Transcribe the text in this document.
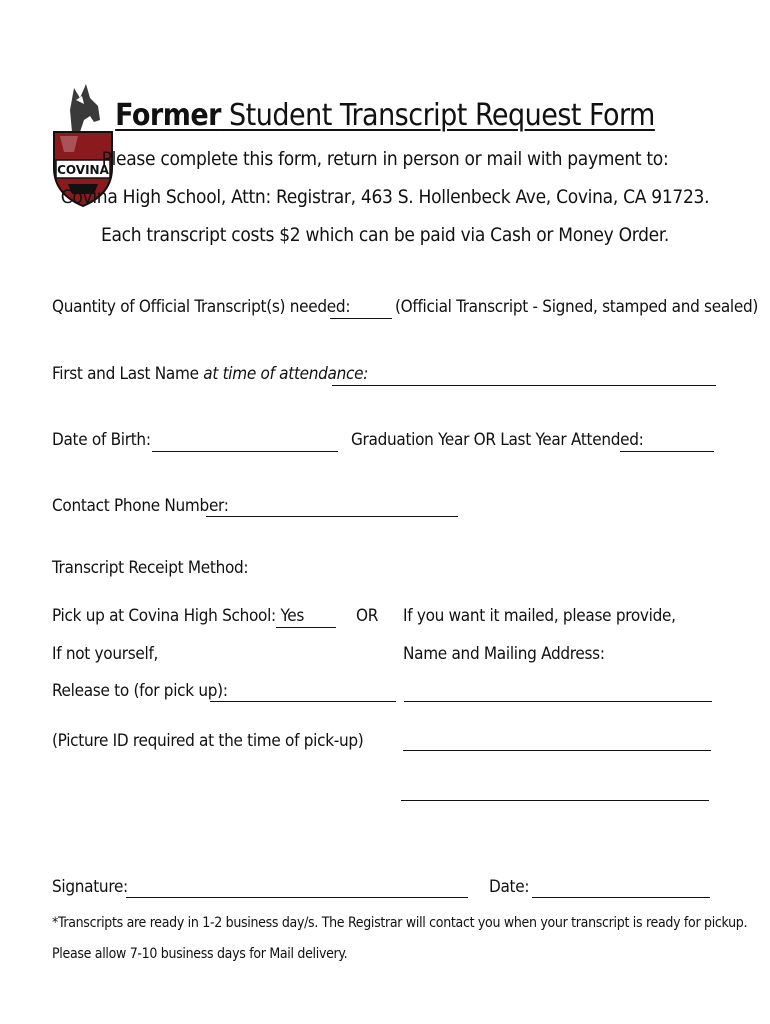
COVINA
Former Student Transcript Request Form
Please complete this form, return in person or mail with payment to:
Covina High School, Attn: Registrar, 463 S. Hollenbeck Ave, Covina, CA 91723.
Each transcript costs $2 which can be paid via Cash or Money Order.
Quantity of Official Transcript(s) needed:	(Official Transcript - Signed, stamped and sealed)
First and Last Name at time of attendance:
Date of Birth:	Graduation Year OR Last Year Attended:
Contact Phone Number:
Transcript Receipt Method:
Pick up at Covina High School: Yes	OR If you want it mailed, please provide,
If not yourself,	Name and Mailing Address:
Release to (for pick up):
(Picture ID required at the time of pick-up)
Signature:	Date:
*Transcripts are ready in 1-2 business day/s. The Registrar will contact you when your transcript is ready for pickup.
Please allow 7-10 business days for Mail delivery.
